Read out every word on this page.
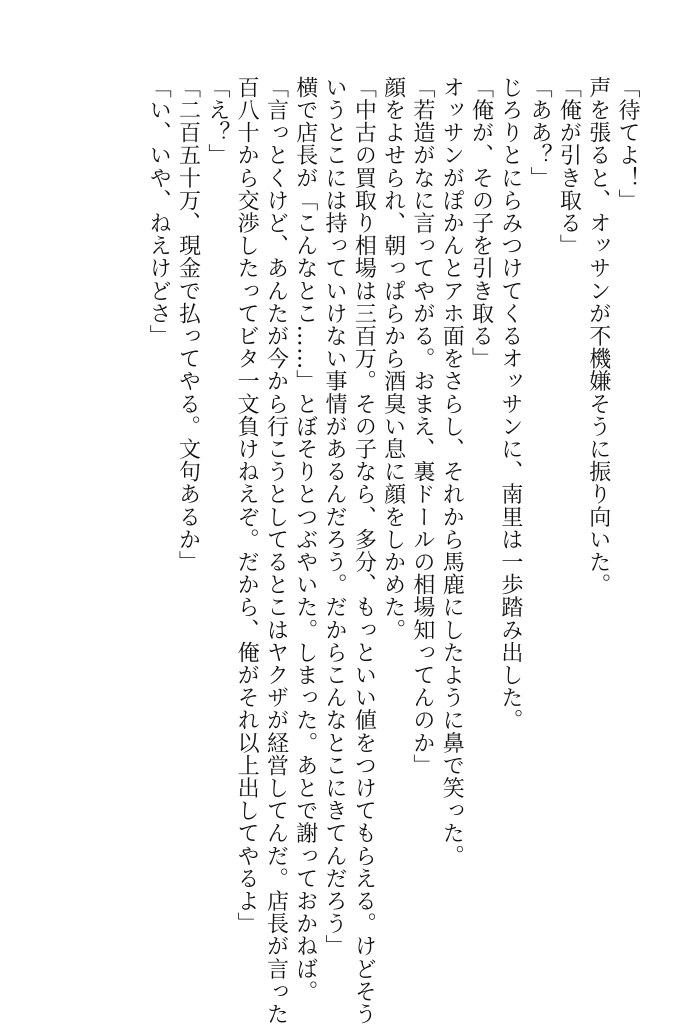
「待てよ！」

声を張ると、オッサンが不機嫌そうに振り向いた。

「俺が引き取る」

「ああ？」

じろりとにらみつけてくるオッサンに、南里は一歩踏み出した。

「俺が、その子を引き取る」

オッサンがぽかんとアホ面をさらし、それから馬鹿にしたように鼻で笑った。

「若造がなに言ってやがる。おまえ、裏ドールの相場知ってんのか」

顔をよせられ、朝っぱらから酒臭い息に顔をしかめた。

「中古の買取り相場は三百万。その子なら、多分、もっといい値をつけてもらえる。けどそう

いうとこには持っていけない事情があるんだろう。だからこんなとこにきてんだろう」

横で店長が「こんなとこ……」とぼそりとつぶやいた。しまった。あとで謝っておかねば。

「言っとくけど、あんたが今から行こうとしてるとこはヤクザが経営してんだ。店長が言った

百八十から交渉したってビタ一文負けねえぞ。だから、俺がそれ以上出してやるよ」

「え？」

「二百五十万、現金で払ってやる。文句あるか」

「い、いや、ねえけどさ」
